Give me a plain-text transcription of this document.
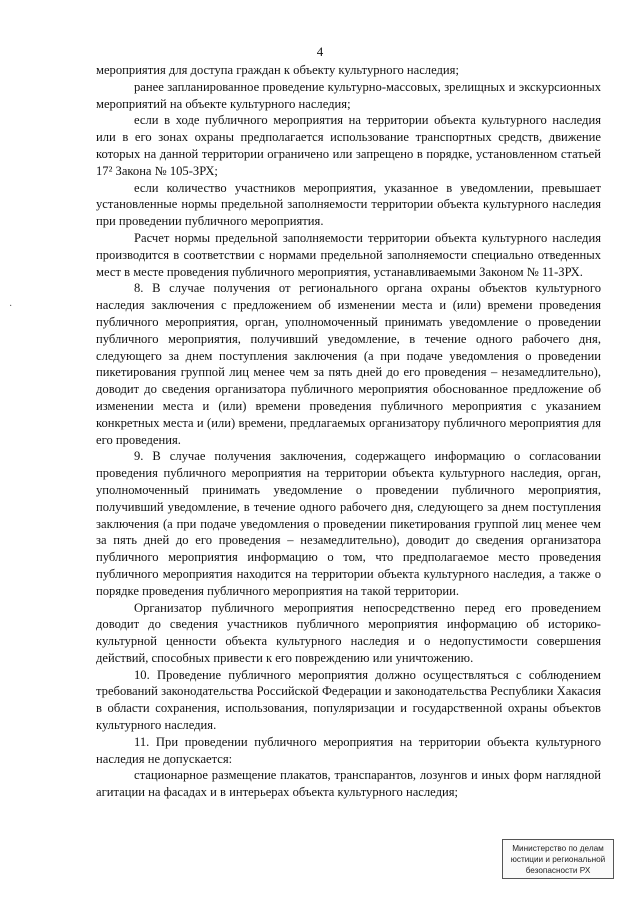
4
·

мероприятия для доступа граждан к объекту культурного наследия;

ранее запланированное проведение культурно-массовых, зрелищных и экскурсионных мероприятий на объекте культурного наследия;

если в ходе публичного мероприятия на территории объекта культурного наследия или в его зонах охраны предполагается использование транспортных средств, движение которых на данной территории ограничено или запрещено в порядке, установленном статьей 17² Закона № 105-ЗРХ;

если количество участников мероприятия, указанное в уведомлении, превышает установленные нормы предельной заполняемости территории объекта культурного наследия при проведении публичного мероприятия.

Расчет нормы предельной заполняемости территории объекта культурного наследия производится в соответствии с нормами предельной заполняемости специально отведенных мест в месте проведения публичного мероприятия, устанавливаемыми Законом № 11-ЗРХ.

8. В случае получения от регионального органа охраны объектов культурного наследия заключения с предложением об изменении места и (или) времени проведения публичного мероприятия, орган, уполномоченный принимать уведомление о проведении публичного мероприятия, получивший уведомление, в течение одного рабочего дня, следующего за днем поступления заключения (а при подаче уведомления о проведении пикетирования группой лиц менее чем за пять дней до его проведения – незамедлительно), доводит до сведения организатора публичного мероприятия обоснованное предложение об изменении места и (или) времени проведения публичного мероприятия с указанием конкретных места и (или) времени, предлагаемых организатору публичного мероприятия для его проведения.

9. В случае получения заключения, содержащего информацию о согласовании проведения публичного мероприятия на территории объекта культурного наследия, орган, уполномоченный принимать уведомление о проведении публичного мероприятия, получивший уведомление, в течение одного рабочего дня, следующего за днем поступления заключения (а при подаче уведомления о проведении пикетирования группой лиц менее чем за пять дней до его проведения – незамедлительно), доводит до сведения организатора публичного мероприятия информацию о том, что предполагаемое место проведения публичного мероприятия находится на территории объекта культурного наследия, а также о порядке проведения публичного мероприятия на такой территории.

Организатор публичного мероприятия непосредственно перед его проведением доводит до сведения участников публичного мероприятия информацию об историко-культурной ценности объекта культурного наследия и о недопустимости совершения действий, способных привести к его повреждению или уничтожению.

10. Проведение публичного мероприятия должно осуществляться с соблюдением требований законодательства Российской Федерации и законодательства Республики Хакасия в области сохранения, использования, популяризации и государственной охраны объектов культурного наследия.

11. При проведении публичного мероприятия на территории объекта культурного наследия не допускается:

стационарное размещение плакатов, транспарантов, лозунгов и иных форм наглядной агитации на фасадах и в интерьерах объекта культурного наследия;

Министерство по делам
юстиции и региональной
безопасности РХ
